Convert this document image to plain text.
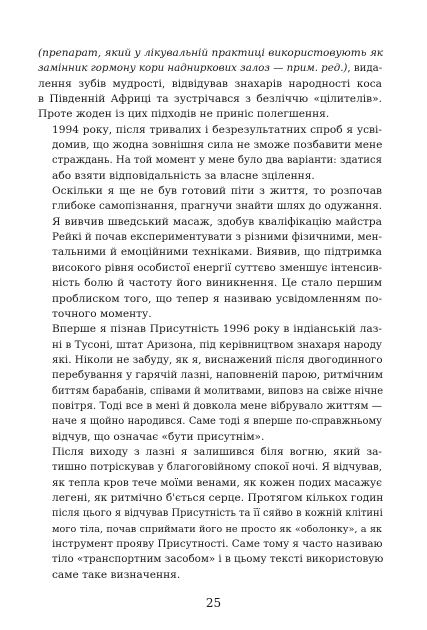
(препарат, який у лікувальній практиці використовують як
замінник гормону кори надниркових залоз — прим. ред.), вида-
лення зубів мудрості, відвідував знахарів народності коса
в Південній Африці та зустрічався з безліччю «цілителів».
Проте жоден із цих підходів не приніс полегшення.

1994 року, після тривалих і безрезультатних спроб я усві-
домив, що жодна зовнішня сила не зможе позбавити мене
страждань. На той момент у мене було два варіанти: здатися
або взяти відповідальність за власне зцілення.

Оскільки я ще не був готовий піти з життя, то розпочав
глибоке самопізнання, прагнучи знайти шлях до одужання.
Я вивчив шведський масаж, здобув кваліфікацію майстра
Рейкі й почав експериментувати з різними фізичними, мен-
тальними й емоційними техніками. Виявив, що підтримка
високого рівня особистої енергії суттєво зменшує інтенсив-
ність болю й частоту його виникнення. Це стало першим
проблиском того, що тепер я називаю усвідомленням по-
точного моменту.

Вперше я пізнав Присутність 1996 року в індіанській лаз-
ні в Тусоні, штат Аризона, під керівництвом знахаря народу
які. Ніколи не забуду, як я, виснажений після двогодинного
перебування у гарячій лазні, наповненій парою, ритмічним
биттям барабанів, співами й молитвами, виповз на свіже нічне
повітря. Тоді все в мені й довкола мене вібрувало життям —
наче я щойно народився. Саме тоді я вперше по-справжньому
відчув, що означає «бути присутнім».

Після виходу з лазні я залишився біля вогню, який за-
тишно потріскував у благоговійному спокої ночі. Я відчував,
як тепла кров тече моїми венами, як кожен подих масажує
легені, як ритмічно б'ється серце. Протягом кількох годин
після цього я відчував Присутність та її сяйво в кожній клітині
мого тіла, почав сприймати його не просто як «оболонку», а як
інструмент прояву Присутності. Саме тому я часто називаю
тіло «транспортним засобом» і в цьому тексті використовую
саме таке визначення.

25
